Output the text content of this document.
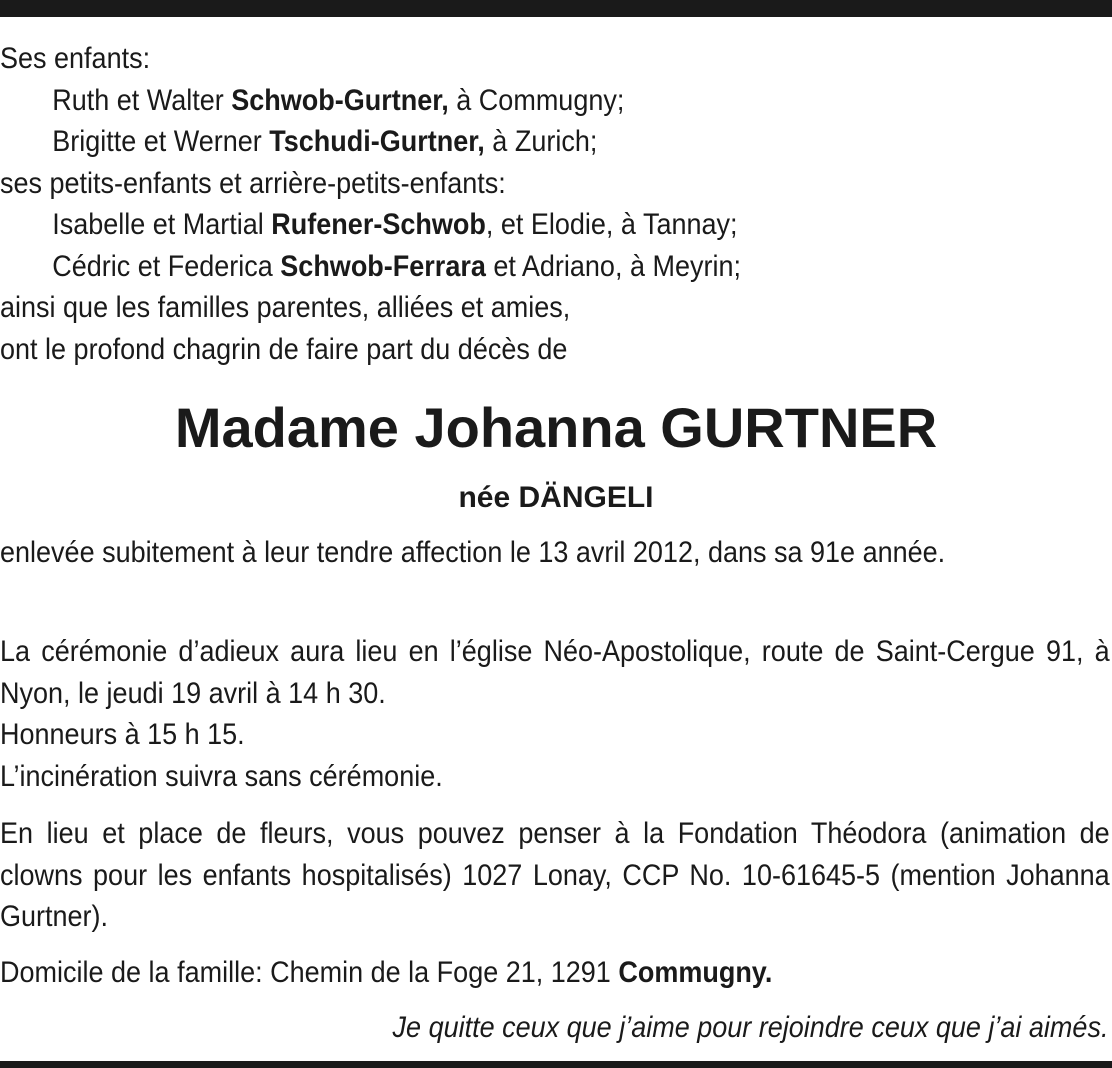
Ses enfants:
Ruth et Walter Schwob-Gurtner, à Commugny;
Brigitte et Werner Tschudi-Gurtner, à Zurich;
ses petits-enfants et arrière-petits-enfants:
Isabelle et Martial Rufener-Schwob, et Elodie, à Tannay;
Cédric et Federica Schwob-Ferrara et Adriano, à Meyrin;
ainsi que les familles parentes, alliées et amies,
ont le profond chagrin de faire part du décès de
Madame Johanna GURTNER
née DÄNGELI
enlevée subitement à leur tendre affection le 13 avril 2012, dans sa 91e année.
La cérémonie d’adieux aura lieu en l’église Néo-Apostolique, route de Saint-Cergue 91, à Nyon, le jeudi 19 avril à 14 h 30.
Honneurs à 15 h 15.
L’incinération suivra sans cérémonie.
En lieu et place de fleurs, vous pouvez penser à la Fondation Théodora (animation de clowns pour les enfants hospitalisés) 1027 Lonay, CCP No. 10-61645-5 (mention Johanna Gurtner).
Domicile de la famille: Chemin de la Foge 21, 1291 Commugny.
Je quitte ceux que j’aime pour rejoindre ceux que j’ai aimés.
